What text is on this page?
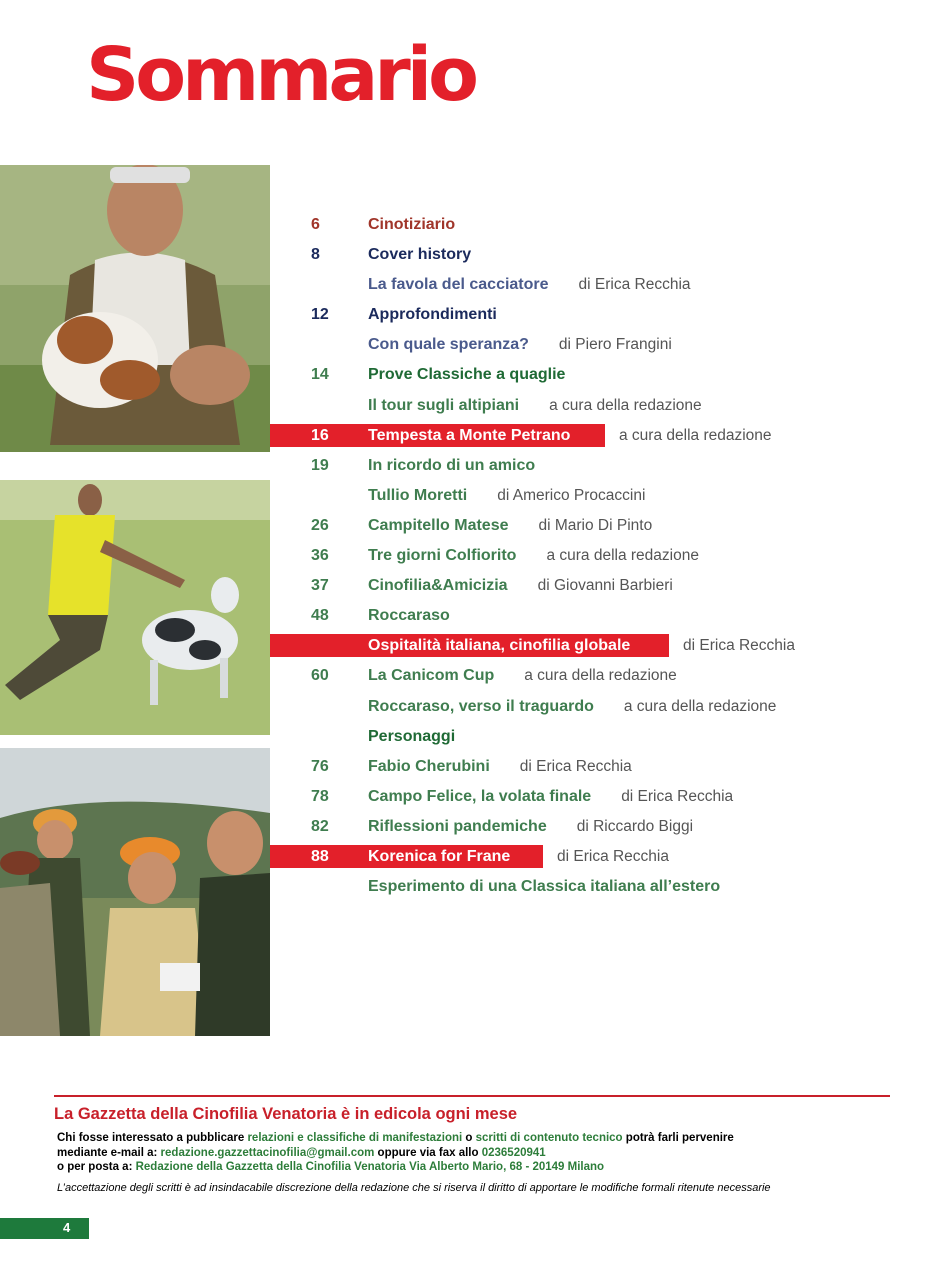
Sommario
6	Cinotiziario
8	Cover history
La favola del cacciatore di Erica Recchia
12 Approfondimenti
Con quale speranza? di Piero Frangini
14 Prove Classiche a quaglie
Il tour sugli altipiani a cura della redazione
16 Tempesta a Monte Petrano	a cura della redazione
19 In ricordo di un amico
Tullio Moretti di Americo Procaccini
26 Campitello Matese di Mario Di Pinto
36 Tre giorni Colfiorito a cura della redazione
37 Cinofilia&Amicizia di Giovanni Barbieri
48 Roccaraso
Ospitalità italiana, cinofilia globale	di Erica Recchia
60 La Canicom Cup a cura della redazione
Roccaraso, verso il traguardo a cura della redazione
Personaggi
76 Fabio Cherubini di Erica Recchia
78 Campo Felice, la volata finale di Erica Recchia
82 Riflessioni pandemiche di Riccardo Biggi
88 Korenica for Frane	di Erica Recchia
Esperimento di una Classica italiana all’estero
La Gazzetta della Cinofilia Venatoria è in edicola ogni mese
Chi fosse interessato a pubblicare relazioni e classifiche di manifestazioni o scritti di contenuto tecnico potrà farli pervenire
mediante e-mail a: redazione.gazzettacinofilia@gmail.com oppure via fax allo 0236520941
o per posta a: Redazione della Gazzetta della Cinofilia Venatoria Via Alberto Mario, 68 - 20149 Milano
L’accettazione degli scritti è ad insindacabile discrezione della redazione che si riserva il diritto di apportare le modifiche formali ritenute necessarie
4
